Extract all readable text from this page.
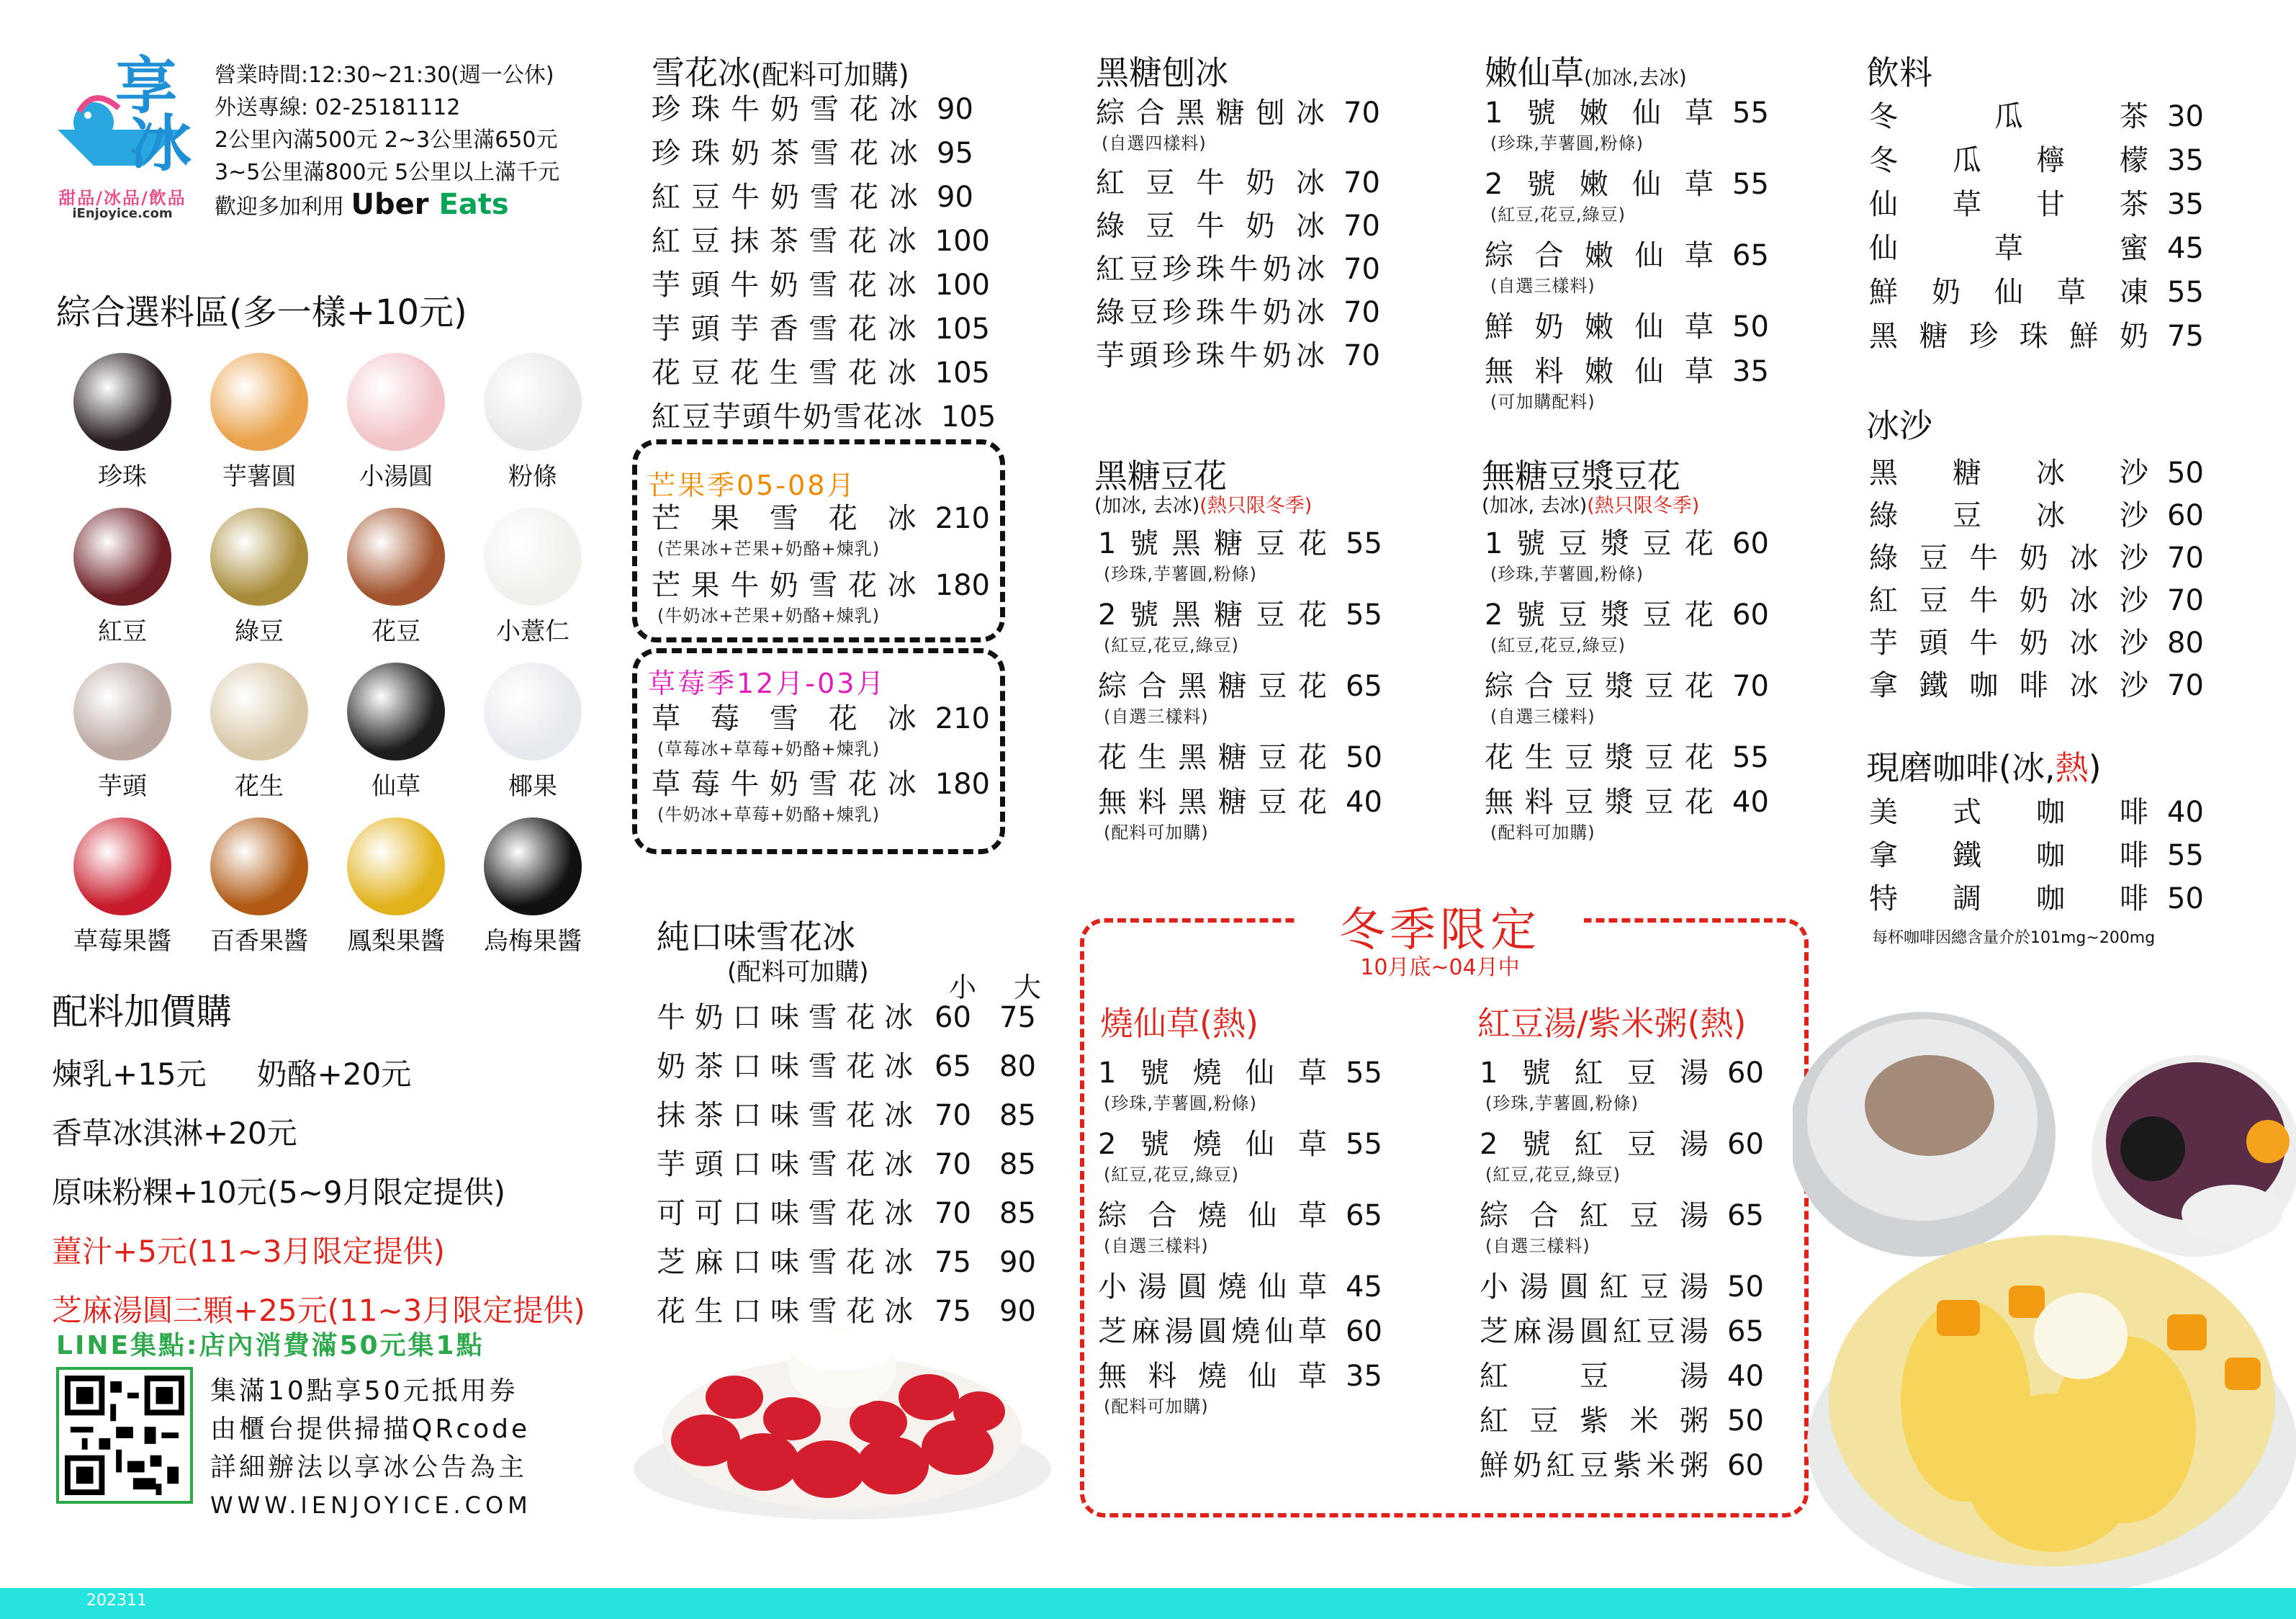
享
冰
甜品/冰品/飲品
iEnjoyice.com
營業時間:12:30~21:30(週一公休)
外送專線: 02-25181112
2公里內滿500元 2~3公里滿650元
3~5公里滿800元 5公里以上滿千元
歡迎多加利用 Uber Eats
綜合選料區(多一樣+10元)
珍珠	芋薯圓	小湯圓	粉條
紅豆	綠豆	花豆	小薏仁
芋頭	花生	仙草	椰果
草莓果醬	百香果醬	鳳梨果醬	烏梅果醬
配料加價購
煉乳+15元 奶酪+20元
香草冰淇淋+20元
原味粉粿+10元(5~9月限定提供)
薑汁+5元(11~3月限定提供)
芝麻湯圓三顆+25元(11~3月限定提供)
LINE集點:店內消費滿50元集1點
集滿10點享50元抵用券
由櫃台提供掃描QRcode
詳細辦法以享冰公告為主
WWW.IENJOYICE.COM
雪花冰(配料可加購)
珍 珠 牛 奶 雪 花 冰 90
珍 珠 奶 茶 雪 花 冰 95
紅 豆 牛 奶 雪 花 冰 90
紅 豆 抹 茶 雪 花 冰 100
芋 頭 牛 奶 雪 花 冰 100
芋 頭 芋 香 雪 花 冰 105
花 豆 花 生 雪 花 冰 105
紅 豆 芋 頭 牛 奶 雪 花 冰 105
芒果季05-08月
芒 果 雪 花 冰 210
(芒果冰+芒果+奶酪+煉乳)
芒 果 牛 奶 雪 花 冰 180
(牛奶冰+芒果+奶酪+煉乳)
草莓季12月-03月
草 莓 雪 花 冰 210
(草莓冰+草莓+奶酪+煉乳)
草 莓 牛 奶 雪 花 冰 180
(牛奶冰+草莓+奶酪+煉乳)
純口味雪花冰
(配料可加購)	小 大
牛 奶 口 味 雪 花 冰 60 75
奶 茶 口 味 雪 花 冰 65 80
抹 茶 口 味 雪 花 冰 70 85
芋 頭 口 味 雪 花 冰 70 85
可 可 口 味 雪 花 冰 70 85
芝 麻 口 味 雪 花 冰 75 90
花 生 口 味 雪 花 冰 75 90
黑糖刨冰
綜 合 黑 糖 刨 冰 70
(自選四樣料)
紅 豆 牛 奶 冰 70
綠 豆 牛 奶 冰 70
紅 豆 珍 珠 牛 奶 冰 70
綠 豆 珍 珠 牛 奶 冰 70
芋 頭 珍 珠 牛 奶 冰 70
黑糖豆花
(加冰, 去冰)(熱只限冬季)
1 號 黑 糖 豆 花 55
(珍珠,芋薯圓,粉條)
2 號 黑 糖 豆 花 55
(紅豆,花豆,綠豆)
綜 合 黑 糖 豆 花 65
(自選三樣料)
花 生 黑 糖 豆 花 50
無 料 黑 糖 豆 花 40
(配料可加購)
嫩仙草(加冰,去冰)
1 號 嫩 仙 草 55
(珍珠,芋薯圓,粉條)
2 號 嫩 仙 草 55
(紅豆,花豆,綠豆)
綜 合 嫩 仙 草 65
(自選三樣料)
鮮 奶 嫩 仙 草 50
無 料 嫩 仙 草 35
(可加購配料)
無糖豆漿豆花
(加冰, 去冰)(熱只限冬季)
1 號 豆 漿 豆 花 60
(珍珠,芋薯圓,粉條)
2 號 豆 漿 豆 花 60
(紅豆,花豆,綠豆)
綜 合 豆 漿 豆 花 70
(自選三樣料)
花 生 豆 漿 豆 花 55
無 料 豆 漿 豆 花 40
(配料可加購)
飲料
冬	瓜	茶 30
冬 瓜 檸 檬 35
仙 草 甘 茶 35
仙	草	蜜 45
鮮 奶 仙 草 凍 55
黑 糖 珍 珠 鮮 奶 75
冰沙
黑 糖 冰 沙 50
綠 豆 冰 沙 60
綠 豆 牛 奶 冰 沙 70
紅 豆 牛 奶 冰 沙 70
芋 頭 牛 奶 冰 沙 80
拿 鐵 咖 啡 冰 沙 70
現磨咖啡(冰,熱)
美 式 咖 啡 40
拿 鐵 咖 啡 55
特 調 咖 啡 50
每杯咖啡因總含量介於101mg~200mg
冬季限定
10月底~04月中
燒仙草(熱)
1 號 燒 仙 草 55
(珍珠,芋薯圓,粉條)
2 號 燒 仙 草 55
(紅豆,花豆,綠豆)
綜 合 燒 仙 草 65
(自選三樣料)
小 湯 圓 燒 仙 草 45
芝 麻 湯 圓 燒 仙 草 60
無 料 燒 仙 草 35
(配料可加購)
紅豆湯/紫米粥(熱)
1 號 紅 豆 湯 60
(珍珠,芋薯圓,粉條)
2 號 紅 豆 湯 60
(紅豆,花豆,綠豆)
綜 合 紅 豆 湯 65
(自選三樣料)
小 湯 圓 紅 豆 湯 50
芝 麻 湯 圓 紅 豆 湯 65
紅 豆 湯 40
紅 豆 紫 米 粥 50
鮮 奶 紅 豆 紫 米 粥 60
202311
